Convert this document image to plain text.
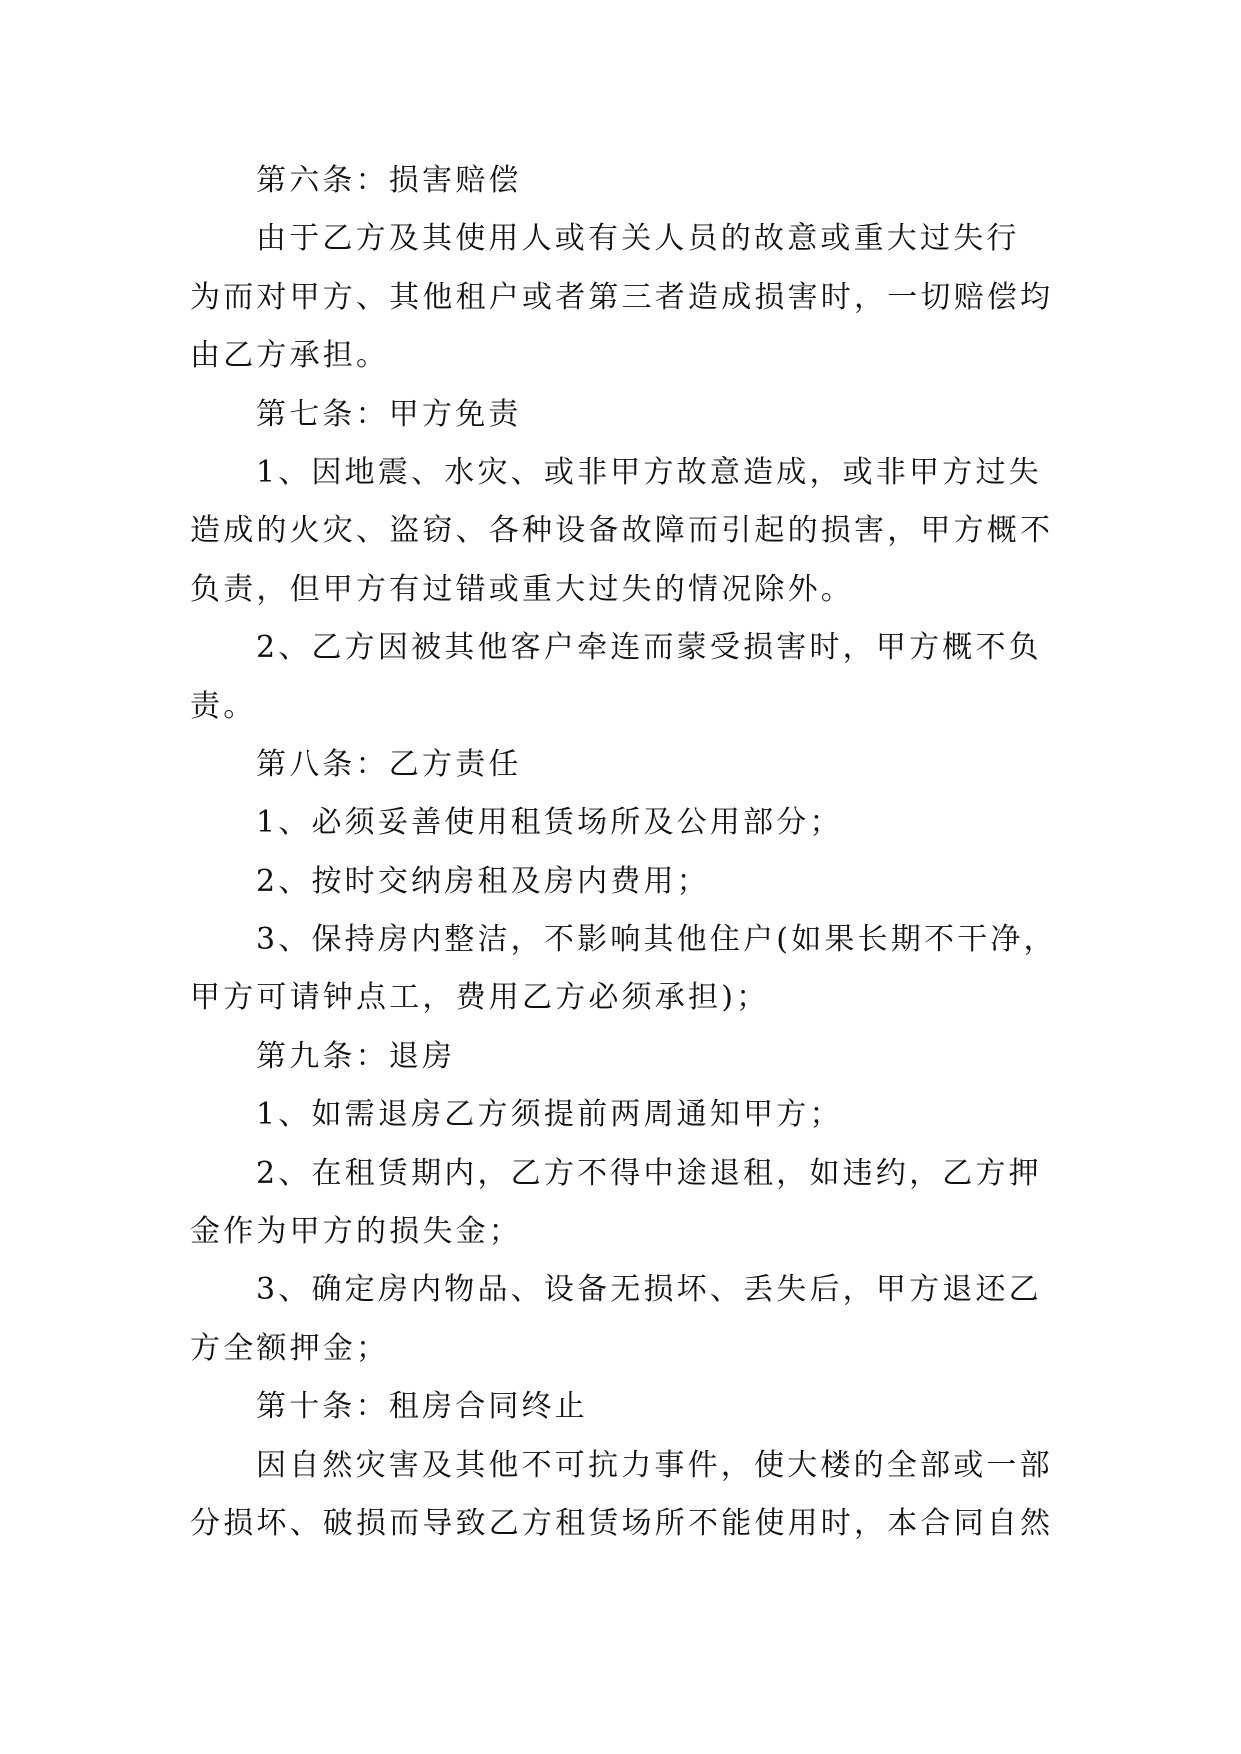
第六条：损害赔偿
由于乙方及其使用人或有关人员的故意或重大过失行
为而对甲方、其他租户或者第三者造成损害时，一切赔偿均
由乙方承担。
第七条：甲方免责
1、因地震、水灾、或非甲方故意造成，或非甲方过失
造成的火灾、盗窃、各种设备故障而引起的损害，甲方概不
负责，但甲方有过错或重大过失的情况除外。
2、乙方因被其他客户牵连而蒙受损害时，甲方概不负
责。
第八条：乙方责任
1、必须妥善使用租赁场所及公用部分；
2、按时交纳房租及房内费用；
3、保持房内整洁，不影响其他住户(如果长期不干净，
甲方可请钟点工，费用乙方必须承担)；
第九条：退房
1、如需退房乙方须提前两周通知甲方；
2、在租赁期内，乙方不得中途退租，如违约，乙方押
金作为甲方的损失金；
3、确定房内物品、设备无损坏、丢失后，甲方退还乙
方全额押金；
第十条：租房合同终止
因自然灾害及其他不可抗力事件，使大楼的全部或一部
分损坏、破损而导致乙方租赁场所不能使用时，本合同自然
